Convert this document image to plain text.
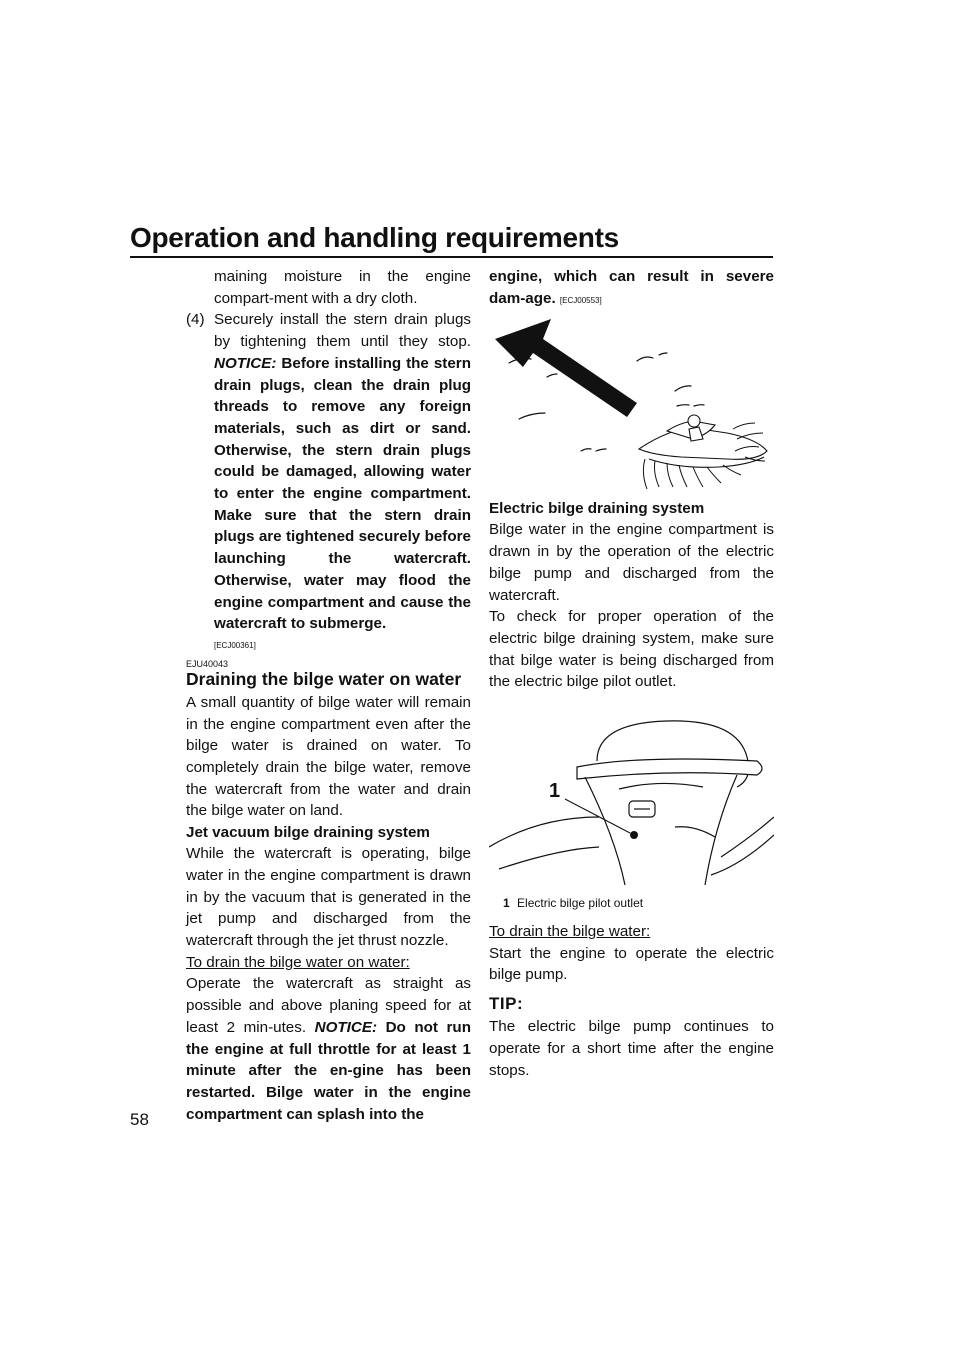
Operation and handling requirements

maining moisture in the engine compart-ment with a dry cloth.

(4) Securely install the stern drain plugs by tightening them until they stop. NOTICE: Before installing the stern drain plugs, clean the drain plug threads to remove any foreign materials, such as dirt or sand. Otherwise, the stern drain plugs could be damaged, allowing water to enter the engine compartment. Make sure that the stern drain plugs are tightened securely before launching the watercraft. Otherwise, water may flood the engine compartment and cause the watercraft to submerge.
[ECJ00361]
EJU40043
Draining the bilge water on water

A small quantity of bilge water will remain in the engine compartment even after the bilge water is drained on water. To completely drain the bilge water, remove the watercraft from the water and drain the bilge water on land.

Jet vacuum bilge draining system

While the watercraft is operating, bilge water in the engine compartment is drawn in by the vacuum that is generated in the jet pump and discharged from the watercraft through the jet thrust nozzle.

To drain the bilge water on water:

Operate the watercraft as straight as possible and above planing speed for at least 2 min-utes. NOTICE: Do not run the engine at full throttle for at least 1 minute after the en-gine has been restarted. Bilge water in the engine compartment can splash into the

engine, which can result in severe dam-age. [ECJ00553]

Electric bilge draining system

Bilge water in the engine compartment is drawn in by the operation of the electric bilge pump and discharged from the watercraft.

To check for proper operation of the electric bilge draining system, make sure that bilge water is being discharged from the electric bilge pilot outlet.

1
1 Electric bilge pilot outlet

To drain the bilge water:

Start the engine to operate the electric bilge pump.

TIP:

The electric bilge pump continues to operate for a short time after the engine stops.

58
